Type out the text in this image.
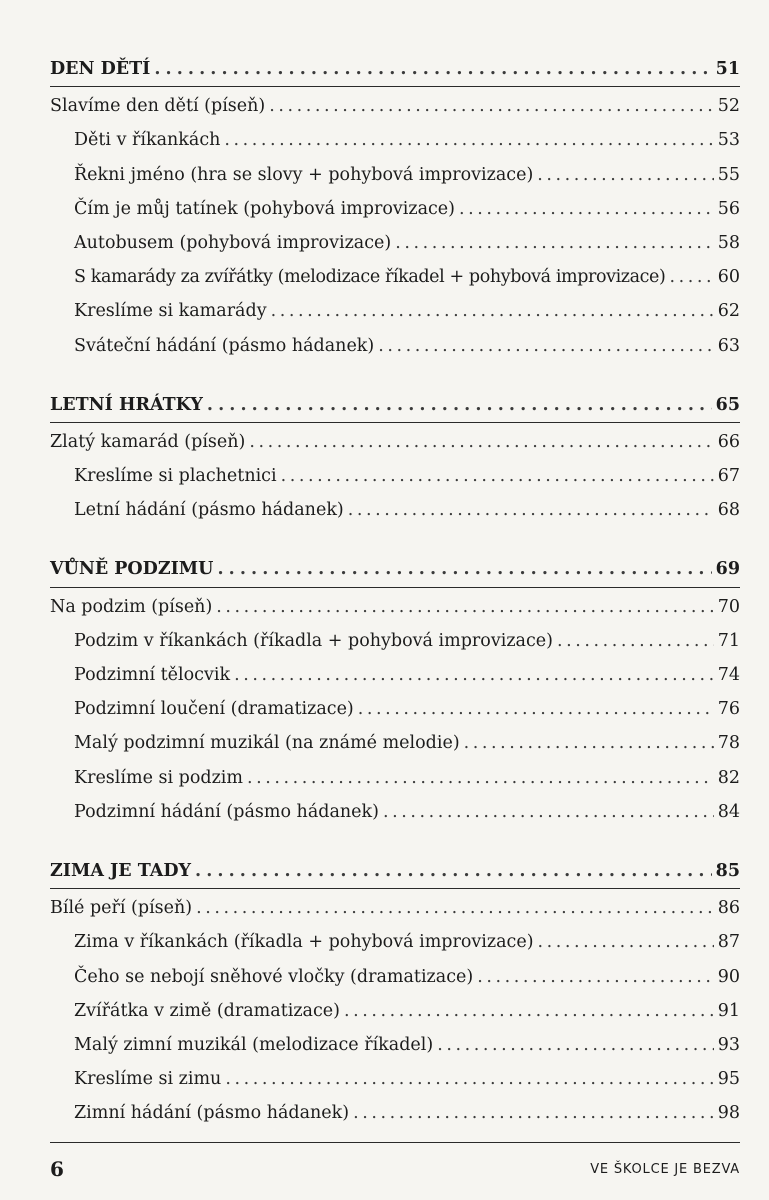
DEN DĚTÍ . . .	51
Slavíme den dětí (píseň) . . .	52
Děti v říkankách . . .	53
Řekni jméno (hra se slovy + pohybová improvizace) . . .	55
Čím je můj tatínek (pohybová improvizace) . . .	56
Autobusem (pohybová improvizace) . . .	58
S kamarády za zvířátky (melodizace říkadel + pohybová improvizace) . . .	60
Kreslíme si kamarády . . .	62
Sváteční hádání (pásmo hádanek) . . .	63
LETNÍ HRÁTKY . . .	65
Zlatý kamarád (píseň) . . .	66
Kreslíme si plachetnici . . .	67
Letní hádání (pásmo hádanek) . . .	68
VŮNĚ PODZIMU . . .	69
Na podzim (píseň) . . .	70
Podzim v říkankách (říkadla + pohybová improvizace) . . .	71
Podzimní tělocvik . . .	74
Podzimní loučení (dramatizace) . . .	76
Malý podzimní muzikál (na známé melodie) . . .	78
Kreslíme si podzim . . .	82
Podzimní hádání (pásmo hádanek) . . .	84
ZIMA JE TADY . . .	85
Bílé peří (píseň) . . .	86
Zima v říkankách (říkadla + pohybová improvizace) . . .	87
Čeho se nebojí sněhové vločky (dramatizace) . . .	90
Zvířátka v zimě (dramatizace) . . .	91
Malý zimní muzikál (melodizace říkadel) . . .	93
Kreslíme si zimu . . .	95
Zimní hádání (pásmo hádanek) . . .	98
6	VE ŠKOLCE JE BEZVA
